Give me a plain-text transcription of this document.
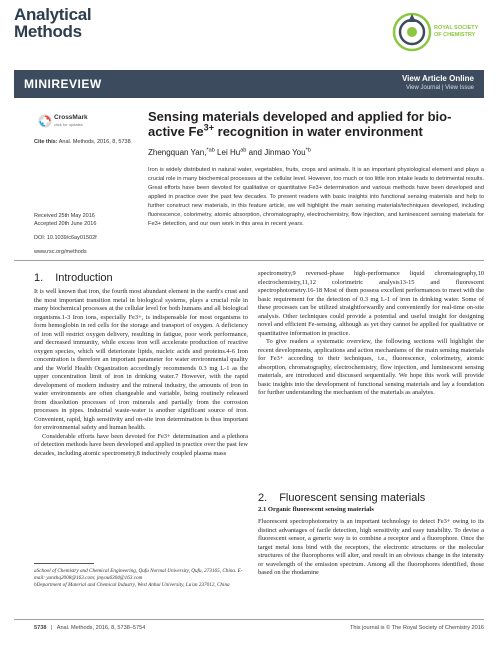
Analytical
Methods	ROYAL SOCIETY
OF CHEMISTRY
MINIREVIEW	View Article Online
View Journal | View Issue
CrossMark
click for updates
Cite this: Anal. Methods, 2016, 8, 5738
Received 25th May 2016
Accepted 20th June 2016
DOI: 10.1039/c6ay01502f
www.rsc.org/methods
Sensing materials developed and applied for bio-
active $Fe^{3+}$ recognition in water environment
Zhengquan Yan,$^{*ab}$ Lei $Hu^{ab}$ and Jinmao You$^{*b}$
Iron is widely distributed in natural water, vegetables, fruits, crops and animals. It is an important physiological element and plays a crucial role in many biochemical processes at the cellular level. However, too much or too little iron intake leads to detrimental results. Great efforts have been devoted for qualitative or quantitative Fe3+ determination and various methods have been developed and applied in practice over the past few decades. To present readers with basic insights into functional sensing materials and help to further construct new materials, in this feature article, we will highlight the main sensing materials/techniques developed, including fluorescence, colorimetry, atomic absorption, chromatography, electrochemistry, flow injection, and luminescent sensing materials for Fe3+ detection, and our own work in this area in recent years.
1. Introduction

It is well known that iron, the fourth most abundant element in the earth's crust and the most important transition metal in biological systems, plays a crucial role in many biochemical processes at the cellular level for both humans and all biological organisms.1-3 Iron ions, especially Fe3+, is indispensable for most organisms to form hemoglobin in red cells for the storage and transport of oxygen. A deficiency of iron will restrict oxygen delivery, resulting in fatigue, poor work performance, and decreased immunity, while excess iron will accelerate production of reactive oxygen species, which will deteriorate lipids, nucleic acids and proteins.4-6 Iron concentration is therefore an important parameter for water environmental quality and the World Health Organization accordingly recommends 0.3 mg L-1 as the upper concentration limit of iron in drinking water.7 However, with the rapid development of modern industry and the mineral industry, the amounts of iron in water environments are often changeable and variable, being routinely released from dissolution processes of iron minerals and partially from the corrosion processes in pipes. Industrial waste-water is another significant source of iron. Convenient, rapid, high sensitivity and on-site iron determination is thus important for environmental safety and human health.

Considerable efforts have been devoted for Fe3+ determination and a plethora of detection methods have been developed and applied in practice over the past few decades, including atomic spectrometry,8 inductively coupled plasma mass

aSchool of Chemistry and Chemical Engineering, Qufu Normal University, Qufu, 273165, China. E-mail: yanzhq2008@163.com; jmyou6304@163.com
bDepartment of Material and Chemical Industry, West Anhui University, Lu'an 237012, China

spectrometry,9 reversed-phase high-performance liquid chromatography,10 electrochemistry,11,12 colorimetric analysis13-15 and fluorescent spectrophotometry.16-18 Most of them possess excellent performances to meet with the basic requirement for the detection of 0.3 mg L-1 of iron in drinking water. Some of these processes can be utilized straightforwardly and conveniently for real-time on-site analysis. Other techniques could provide a potential and useful insight for designing novel and efficient Fe-sensing, although as yet they cannot be applied for qualitative or quantitative information in practice.

To give readers a systematic overview, the following sections will highlight the recent developments, applications and action mechanisms of the main sensing materials for Fe3+ according to their techniques, i.e., fluorescence, colorimetry, atomic absorption, chromatography, electrochemistry, flow injection, and luminescent sensing materials, are introduced and discussed sequentially. We hope this work will provide basic insights into the development of functional sensing materials and lay a foundation for further understanding the mechanism of the materials as analytes.

2. Fluorescent sensing materials
2.1 Organic fluorescent sensing materials

Fluorescent spectrophotometry is an important technology to detect Fe3+ owing to its distinct advantages of facile detection, high sensitivity and easy tunability. To devise a fluorescent sensor, a generic way is to combine a receptor and a fluorophore. Once the target metal ions bind with the receptors, the electronic structures or the molecular structures of the fluorophores will alter, and result in an obvious change in the intensity or wavelength of the emission spectrum. Among all the fluorophores identified, those based on the rhodamine

5738 | Anal. Methods, 2016, 8, 5738–5754	This journal is © The Royal Society of Chemistry 2016
